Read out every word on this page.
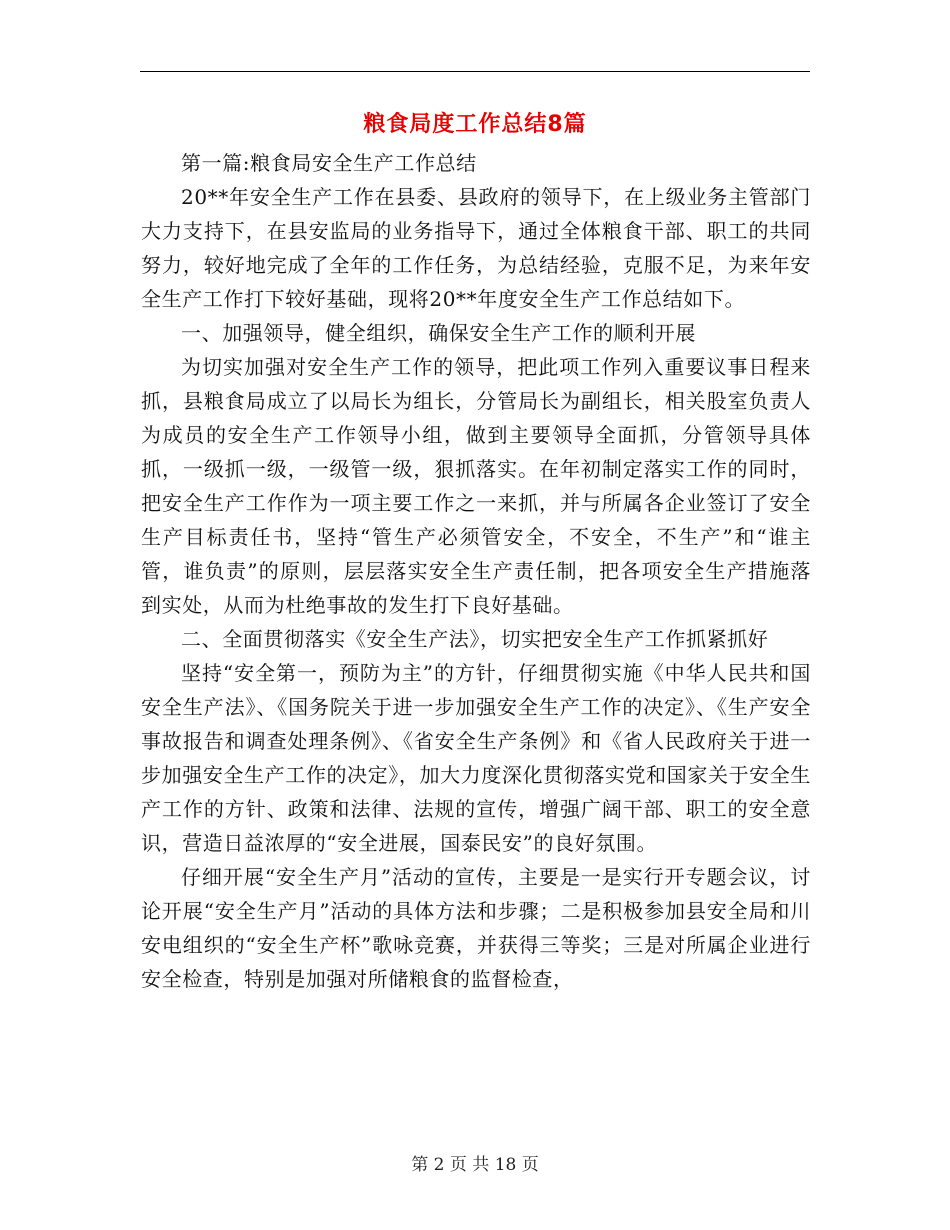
粮食局度工作总结8篇

第一篇:粮食局安全生产工作总结

20**年安全生产工作在县委、县政府的领导下，在上级业务主管部门大力支持下，在县安监局的业务指导下，通过全体粮食干部、职工的共同努力，较好地完成了全年的工作任务，为总结经验，克服不足，为来年安全生产工作打下较好基础，现将20**年度安全生产工作总结如下。

一、加强领导，健全组织，确保安全生产工作的顺利开展

为切实加强对安全生产工作的领导，把此项工作列入重要议事日程来抓，县粮食局成立了以局长为组长，分管局长为副组长，相关股室负责人为成员的安全生产工作领导小组，做到主要领导全面抓，分管领导具体抓，一级抓一级，一级管一级，狠抓落实。在年初制定落实工作的同时，把安全生产工作作为一项主要工作之一来抓，并与所属各企业签订了安全生产目标责任书，坚持“管生产必须管安全，不安全，不生产”和“谁主管，谁负责”的原则，层层落实安全生产责任制，把各项安全生产措施落到实处，从而为杜绝事故的发生打下良好基础。

二、全面贯彻落实《安全生产法》，切实把安全生产工作抓紧抓好

坚持“安全第一，预防为主”的方针，仔细贯彻实施《中华人民共和国安全生产法》、《国务院关于进一步加强安全生产工作的决定》、《生产安全事故报告和调查处理条例》、《省安全生产条例》和《省人民政府关于进一步加强安全生产工作的决定》，加大力度深化贯彻落实党和国家关于安全生产工作的方针、政策和法律、法规的宣传，增强广阔干部、职工的安全意识，营造日益浓厚的“安全进展，国泰民安”的良好氛围。

仔细开展“安全生产月”活动的宣传，主要是一是实行开专题会议，讨论开展“安全生产月”活动的具体方法和步骤；二是积极参加县安全局和川安电组织的“安全生产杯”歌咏竞赛，并获得三等奖；三是对所属企业进行安全检查，特别是加强对所储粮食的监督检查，

第 2 页 共 18 页
